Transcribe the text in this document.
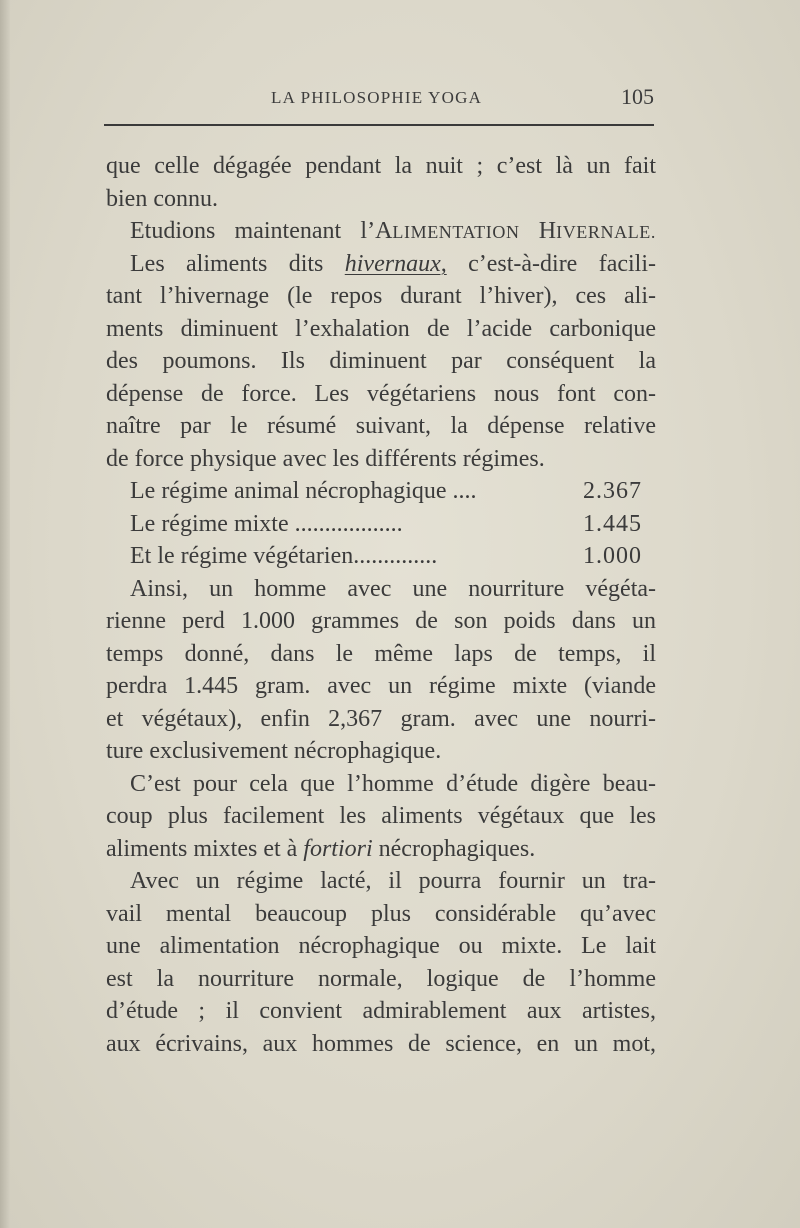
LA PHILOSOPHIE YOGA	105
que celle dégagée pendant la nuit ; c’est là un fait
bien connu.
Etudions maintenant l’ALIMENTATION HIVERNALE.
Les aliments dits hivernaux, c’est-à-dire facili-
tant l’hivernage (le repos durant l’hiver), ces ali-
ments diminuent l’exhalation de l’acide carbonique
des poumons. Ils diminuent par conséquent la
dépense de force. Les végétariens nous font con-
naître par le résumé suivant, la dépense relative
de force physique avec les différents régimes.
Le régime animal nécrophagique ....	2.367
Le régime mixte ..................	1.445
Et le régime végétarien..............	1.000
Ainsi, un homme avec une nourriture végéta-
rienne perd 1.000 grammes de son poids dans un
temps donné, dans le même laps de temps, il
perdra 1.445 gram. avec un régime mixte (viande
et végétaux), enfin 2,367 gram. avec une nourri-
ture exclusivement nécrophagique.
C’est pour cela que l’homme d’étude digère beau-
coup plus facilement les aliments végétaux que les
aliments mixtes et à fortiori nécrophagiques.
Avec un régime lacté, il pourra fournir un tra-
vail mental beaucoup plus considérable qu’avec
une alimentation nécrophagique ou mixte. Le lait
est la nourriture normale, logique de l’homme
d’étude ; il convient admirablement aux artistes,
aux écrivains, aux hommes de science, en un mot,
